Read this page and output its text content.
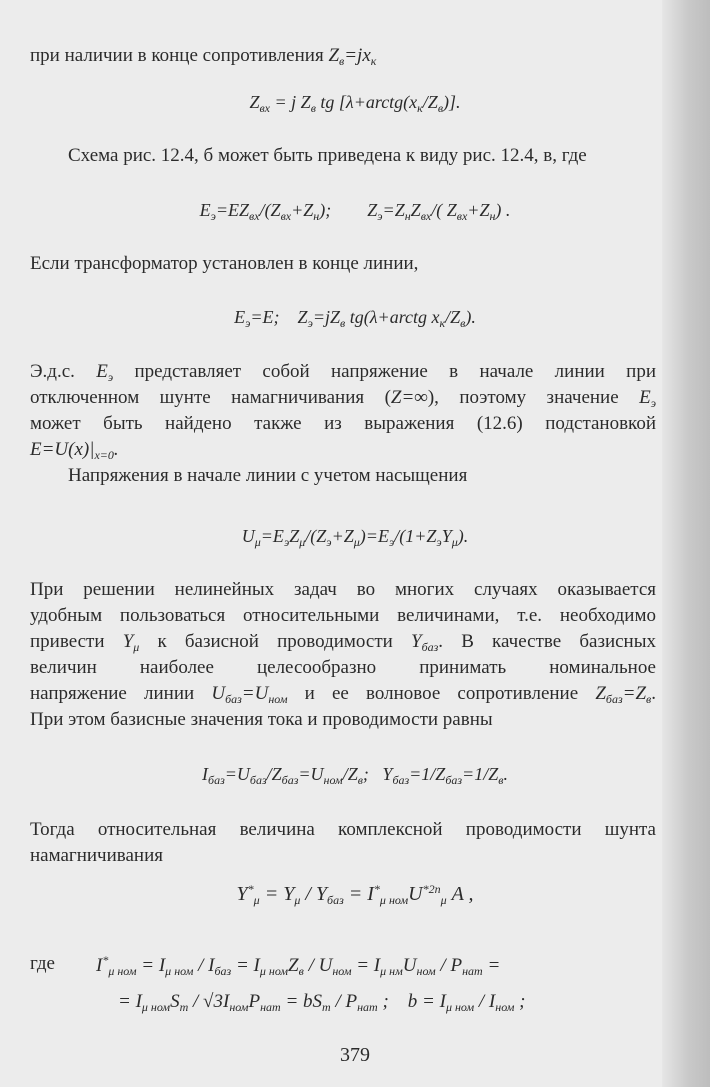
при наличии в конце сопротивления $Z_в=jx_к$
$Z_{вх} = j$ $Z_в$ tg $[\lambda+arctg(x_к/Z_в)]$.
Схема рис. 12.4, б может быть приведена к виду рис. 12.4, в, где
$E_э=EZ_{вх}/(Z_{вх}+Z_н)$;        $Z_э=Z_нZ_{вх}/$( $Z_{вх}+Z_н$) .
Если трансформатор установлен в конце линии,
$E_э=E$;    $Z_э=jZ_в$ tg(λ+arctg $x_к/Z_в$).
Э.д.с. $E_э$ представляет собой напряжение в начале линии при
отключенном шунте намагничивания (Z=∞), поэтому значение $E_э$
может быть найдено также из выражения (12.6) подстановкой
$E=U(x)|_{x=0}$.
Напряжения в начале линии с учетом насыщения
$U_\mu=E_эZ_\mu/(Z_э+Z_\mu)=E_э/(1+Z_эY_\mu)$.
При решении нелинейных задач во многих случаях оказывается
удобным пользоваться относительными величинами, т.е. необходимо
привести $Y_\mu$ к базисной проводимости $Y_{баз}$. В качестве базисных
величин наиболее целесообразно принимать номинальное
напряжение линии $U_{баз}=U_{ном}$ и ее волновое сопротивление $Z_{баз}=Z_в$.
При этом базисные значения тока и проводимости равны
$I_{баз}=U_{баз}/Z_{баз}=U_{ном}/Z_в$;   $Y_{баз}=1/Z_{баз}=1/Z_в$.
Тогда относительная величина комплексной проводимости шунта
намагничивания
$Y^*_\mu = Y_\mu / Y_{баз} = I^*_{\mu ном}U^{*2n}_\mu$ A ,
где $I^*_{\mu ном} = I_{\mu ном} / I_{баз} = I_{\mu ном}Z_в / U_{ном} = I_{\mu нм}U_{ном} / P_{нат}$ =
= $I_{\mu ном}S_т / √3I_{ном}P_{нат} = bS_т / P_{нат}$ ;    $b = I_{\mu ном} / I_{ном}$ ;
379
